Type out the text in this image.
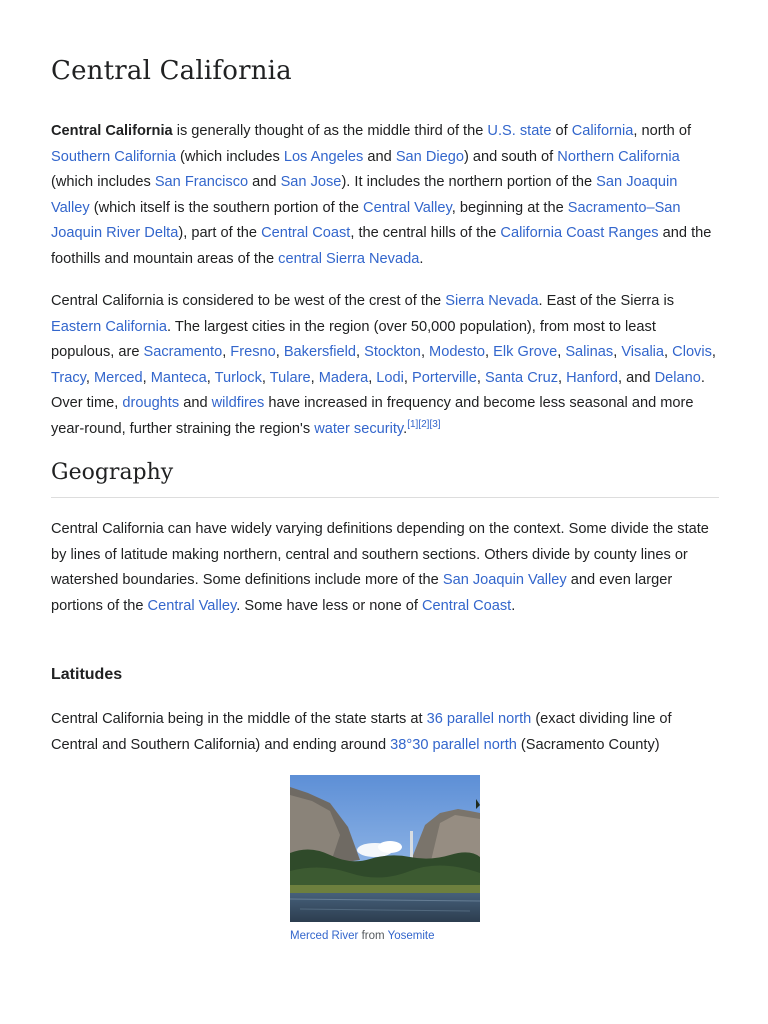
Central California

Central California is generally thought of as the middle third of the U.S. state of California, north of Southern California (which includes Los Angeles and San Diego) and south of Northern California (which includes San Francisco and San Jose). It includes the northern portion of the San Joaquin Valley (which itself is the southern portion of the Central Valley, beginning at the Sacramento–San Joaquin River Delta), part of the Central Coast, the central hills of the California Coast Ranges and the foothills and mountain areas of the central Sierra Nevada.

Central California is considered to be west of the crest of the Sierra Nevada. East of the Sierra is Eastern California. The largest cities in the region (over 50,000 population), from most to least populous, are Sacramento, Fresno, Bakersfield, Stockton, Modesto, Elk Grove, Salinas, Visalia, Clovis, Tracy, Merced, Manteca, Turlock, Tulare, Madera, Lodi, Porterville, Santa Cruz, Hanford, and Delano. Over time, droughts and wildfires have increased in frequency and become less seasonal and more year-round, further straining the region's water security.[1][2][3]

Geography

Central California can have widely varying definitions depending on the context. Some divide the state by lines of latitude making northern, central and southern sections. Others divide by county lines or watershed boundaries. Some definitions include more of the San Joaquin Valley and even larger portions of the Central Valley. Some have less or none of Central Coast.

Latitudes

Central California being in the middle of the state starts at 36 parallel north (exact dividing line of Central and Southern California) and ending around 38°30 parallel north (Sacramento County)

Merced River from Yosemite
